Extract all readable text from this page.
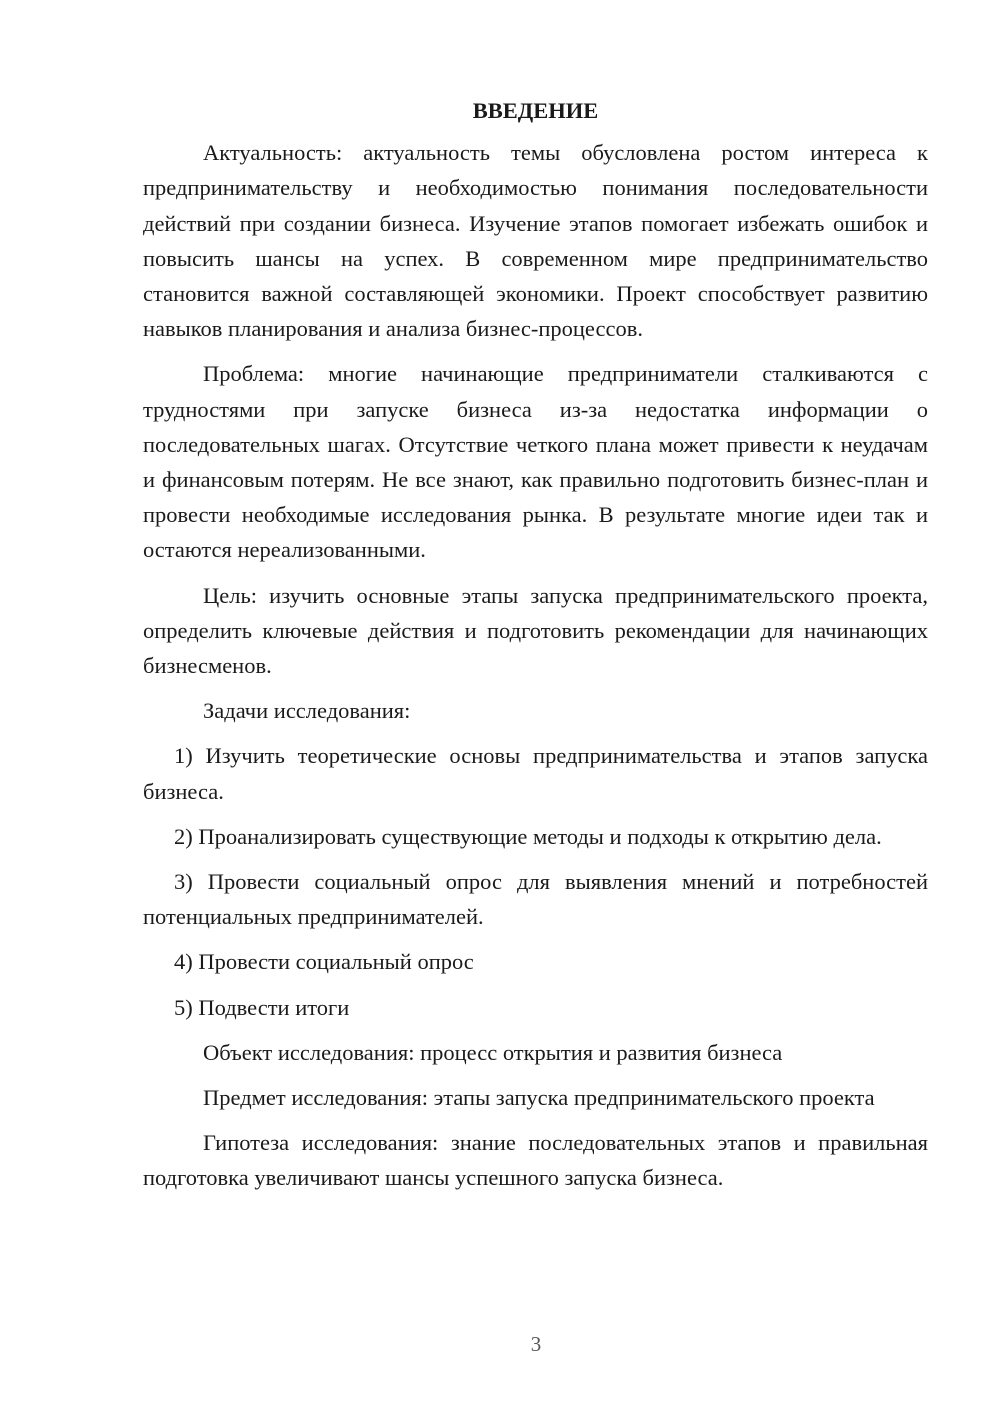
ВВЕДЕНИЕ

Актуальность: актуальность темы обусловлена ростом интереса к предпринимательству и необходимостью понимания последовательности действий при создании бизнеса. Изучение этапов помогает избежать ошибок и повысить шансы на успех. В современном мире предпринимательство становится важной составляющей экономики. Проект способствует развитию навыков планирования и анализа бизнес-процессов.

Проблема: многие начинающие предприниматели сталкиваются с трудностями при запуске бизнеса из-за недостатка информации о последовательных шагах. Отсутствие четкого плана может привести к неудачам и финансовым потерям. Не все знают, как правильно подготовить бизнес-план и провести необходимые исследования рынка. В результате многие идеи так и остаются нереализованными.

Цель: изучить основные этапы запуска предпринимательского проекта, определить ключевые действия и подготовить рекомендации для начинающих бизнесменов.

Задачи исследования:

1) Изучить теоретические основы предпринимательства и этапов запуска бизнеса.

2) Проанализировать существующие методы и подходы к открытию дела.

3) Провести социальный опрос для выявления мнений и потребностей потенциальных предпринимателей.

4) Провести социальный опрос

5) Подвести итоги

Объект исследования: процесс открытия и развития бизнеса

Предмет исследования: этапы запуска предпринимательского проекта

Гипотеза исследования: знание последовательных этапов и правильная подготовка увеличивают шансы успешного запуска бизнеса.

3
